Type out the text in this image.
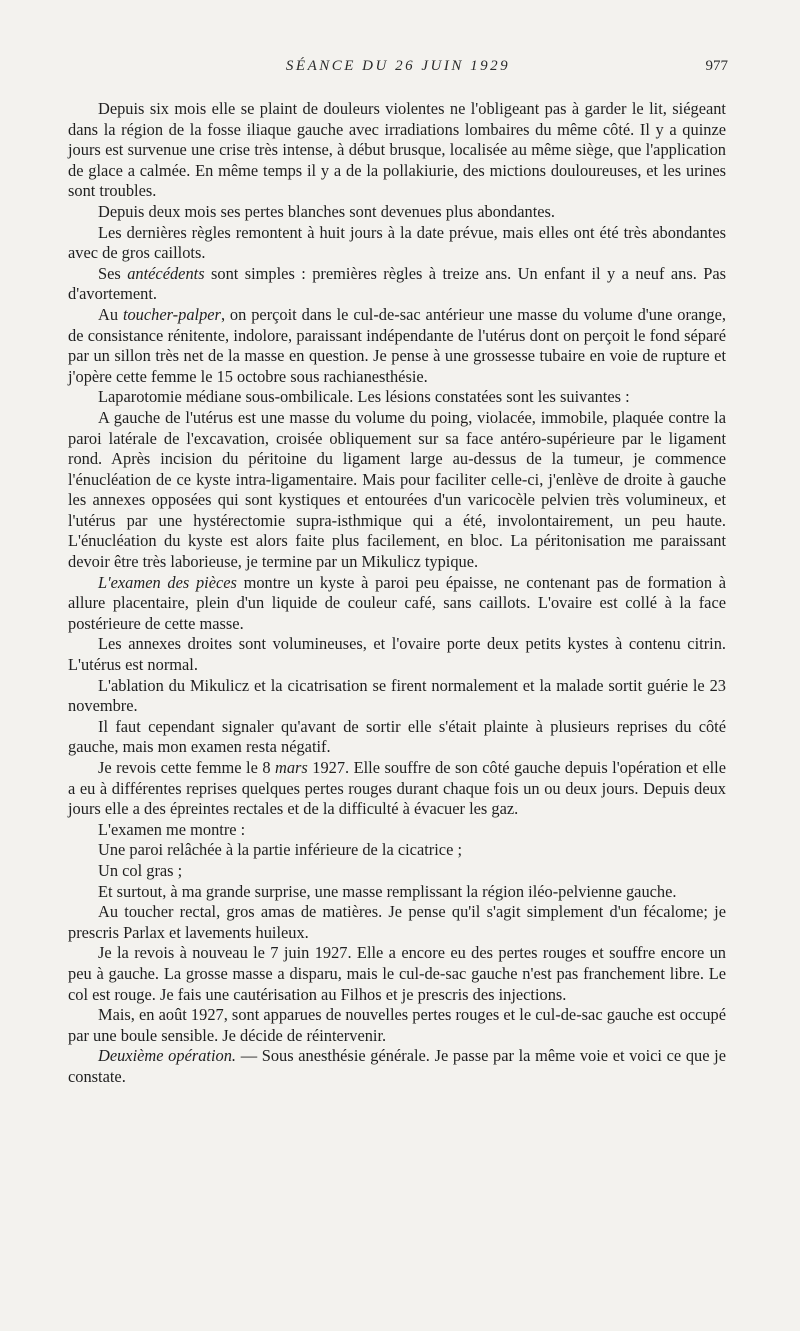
SÉANCE DU 26 JUIN 1929	977

Depuis six mois elle se plaint de douleurs violentes ne l'obligeant pas à garder le lit, siégeant dans la région de la fosse iliaque gauche avec irradiations lombaires du même côté. Il y a quinze jours est survenue une crise très intense, à début brusque, localisée au même siège, que l'application de glace a calmée. En même temps il y a de la pollakiurie, des mictions douloureuses, et les urines sont troubles.

Depuis deux mois ses pertes blanches sont devenues plus abondantes.

Les dernières règles remontent à huit jours à la date prévue, mais elles ont été très abondantes avec de gros caillots.

Ses antécédents sont simples : premières règles à treize ans. Un enfant il y a neuf ans. Pas d'avortement.

Au toucher-palper, on perçoit dans le cul-de-sac antérieur une masse du volume d'une orange, de consistance rénitente, indolore, paraissant indépendante de l'utérus dont on perçoit le fond séparé par un sillon très net de la masse en question. Je pense à une grossesse tubaire en voie de rupture et j'opère cette femme le 15 octobre sous rachianesthésie.

Laparotomie médiane sous-ombilicale. Les lésions constatées sont les suivantes :

A gauche de l'utérus est une masse du volume du poing, violacée, immobile, plaquée contre la paroi latérale de l'excavation, croisée obliquement sur sa face antéro-supérieure par le ligament rond. Après incision du péritoine du ligament large au-dessus de la tumeur, je commence l'énucléation de ce kyste intra-ligamentaire. Mais pour faciliter celle-ci, j'enlève de droite à gauche les annexes opposées qui sont kystiques et entourées d'un varicocèle pelvien très volumineux, et l'utérus par une hystérectomie supra-isthmique qui a été, involontairement, un peu haute. L'énucléation du kyste est alors faite plus facilement, en bloc. La péritonisation me paraissant devoir être très laborieuse, je termine par un Mikulicz typique.

L'examen des pièces montre un kyste à paroi peu épaisse, ne contenant pas de formation à allure placentaire, plein d'un liquide de couleur café, sans caillots. L'ovaire est collé à la face postérieure de cette masse.

Les annexes droites sont volumineuses, et l'ovaire porte deux petits kystes à contenu citrin. L'utérus est normal.

L'ablation du Mikulicz et la cicatrisation se firent normalement et la malade sortit guérie le 23 novembre.

Il faut cependant signaler qu'avant de sortir elle s'était plainte à plusieurs reprises du côté gauche, mais mon examen resta négatif.

Je revois cette femme le 8 mars 1927. Elle souffre de son côté gauche depuis l'opération et elle a eu à différentes reprises quelques pertes rouges durant chaque fois un ou deux jours. Depuis deux jours elle a des épreintes rectales et de la difficulté à évacuer les gaz.

L'examen me montre :

Une paroi relâchée à la partie inférieure de la cicatrice ;

Un col gras ;

Et surtout, à ma grande surprise, une masse remplissant la région iléo-pelvienne gauche.

Au toucher rectal, gros amas de matières. Je pense qu'il s'agit simplement d'un fécalome; je prescris Parlax et lavements huileux.

Je la revois à nouveau le 7 juin 1927. Elle a encore eu des pertes rouges et souffre encore un peu à gauche. La grosse masse a disparu, mais le cul-de-sac gauche n'est pas franchement libre. Le col est rouge. Je fais une cautérisation au Filhos et je prescris des injections.

Mais, en août 1927, sont apparues de nouvelles pertes rouges et le cul-de-sac gauche est occupé par une boule sensible. Je décide de réintervenir.

Deuxième opération. — Sous anesthésie générale. Je passe par la même voie et voici ce que je constate.
